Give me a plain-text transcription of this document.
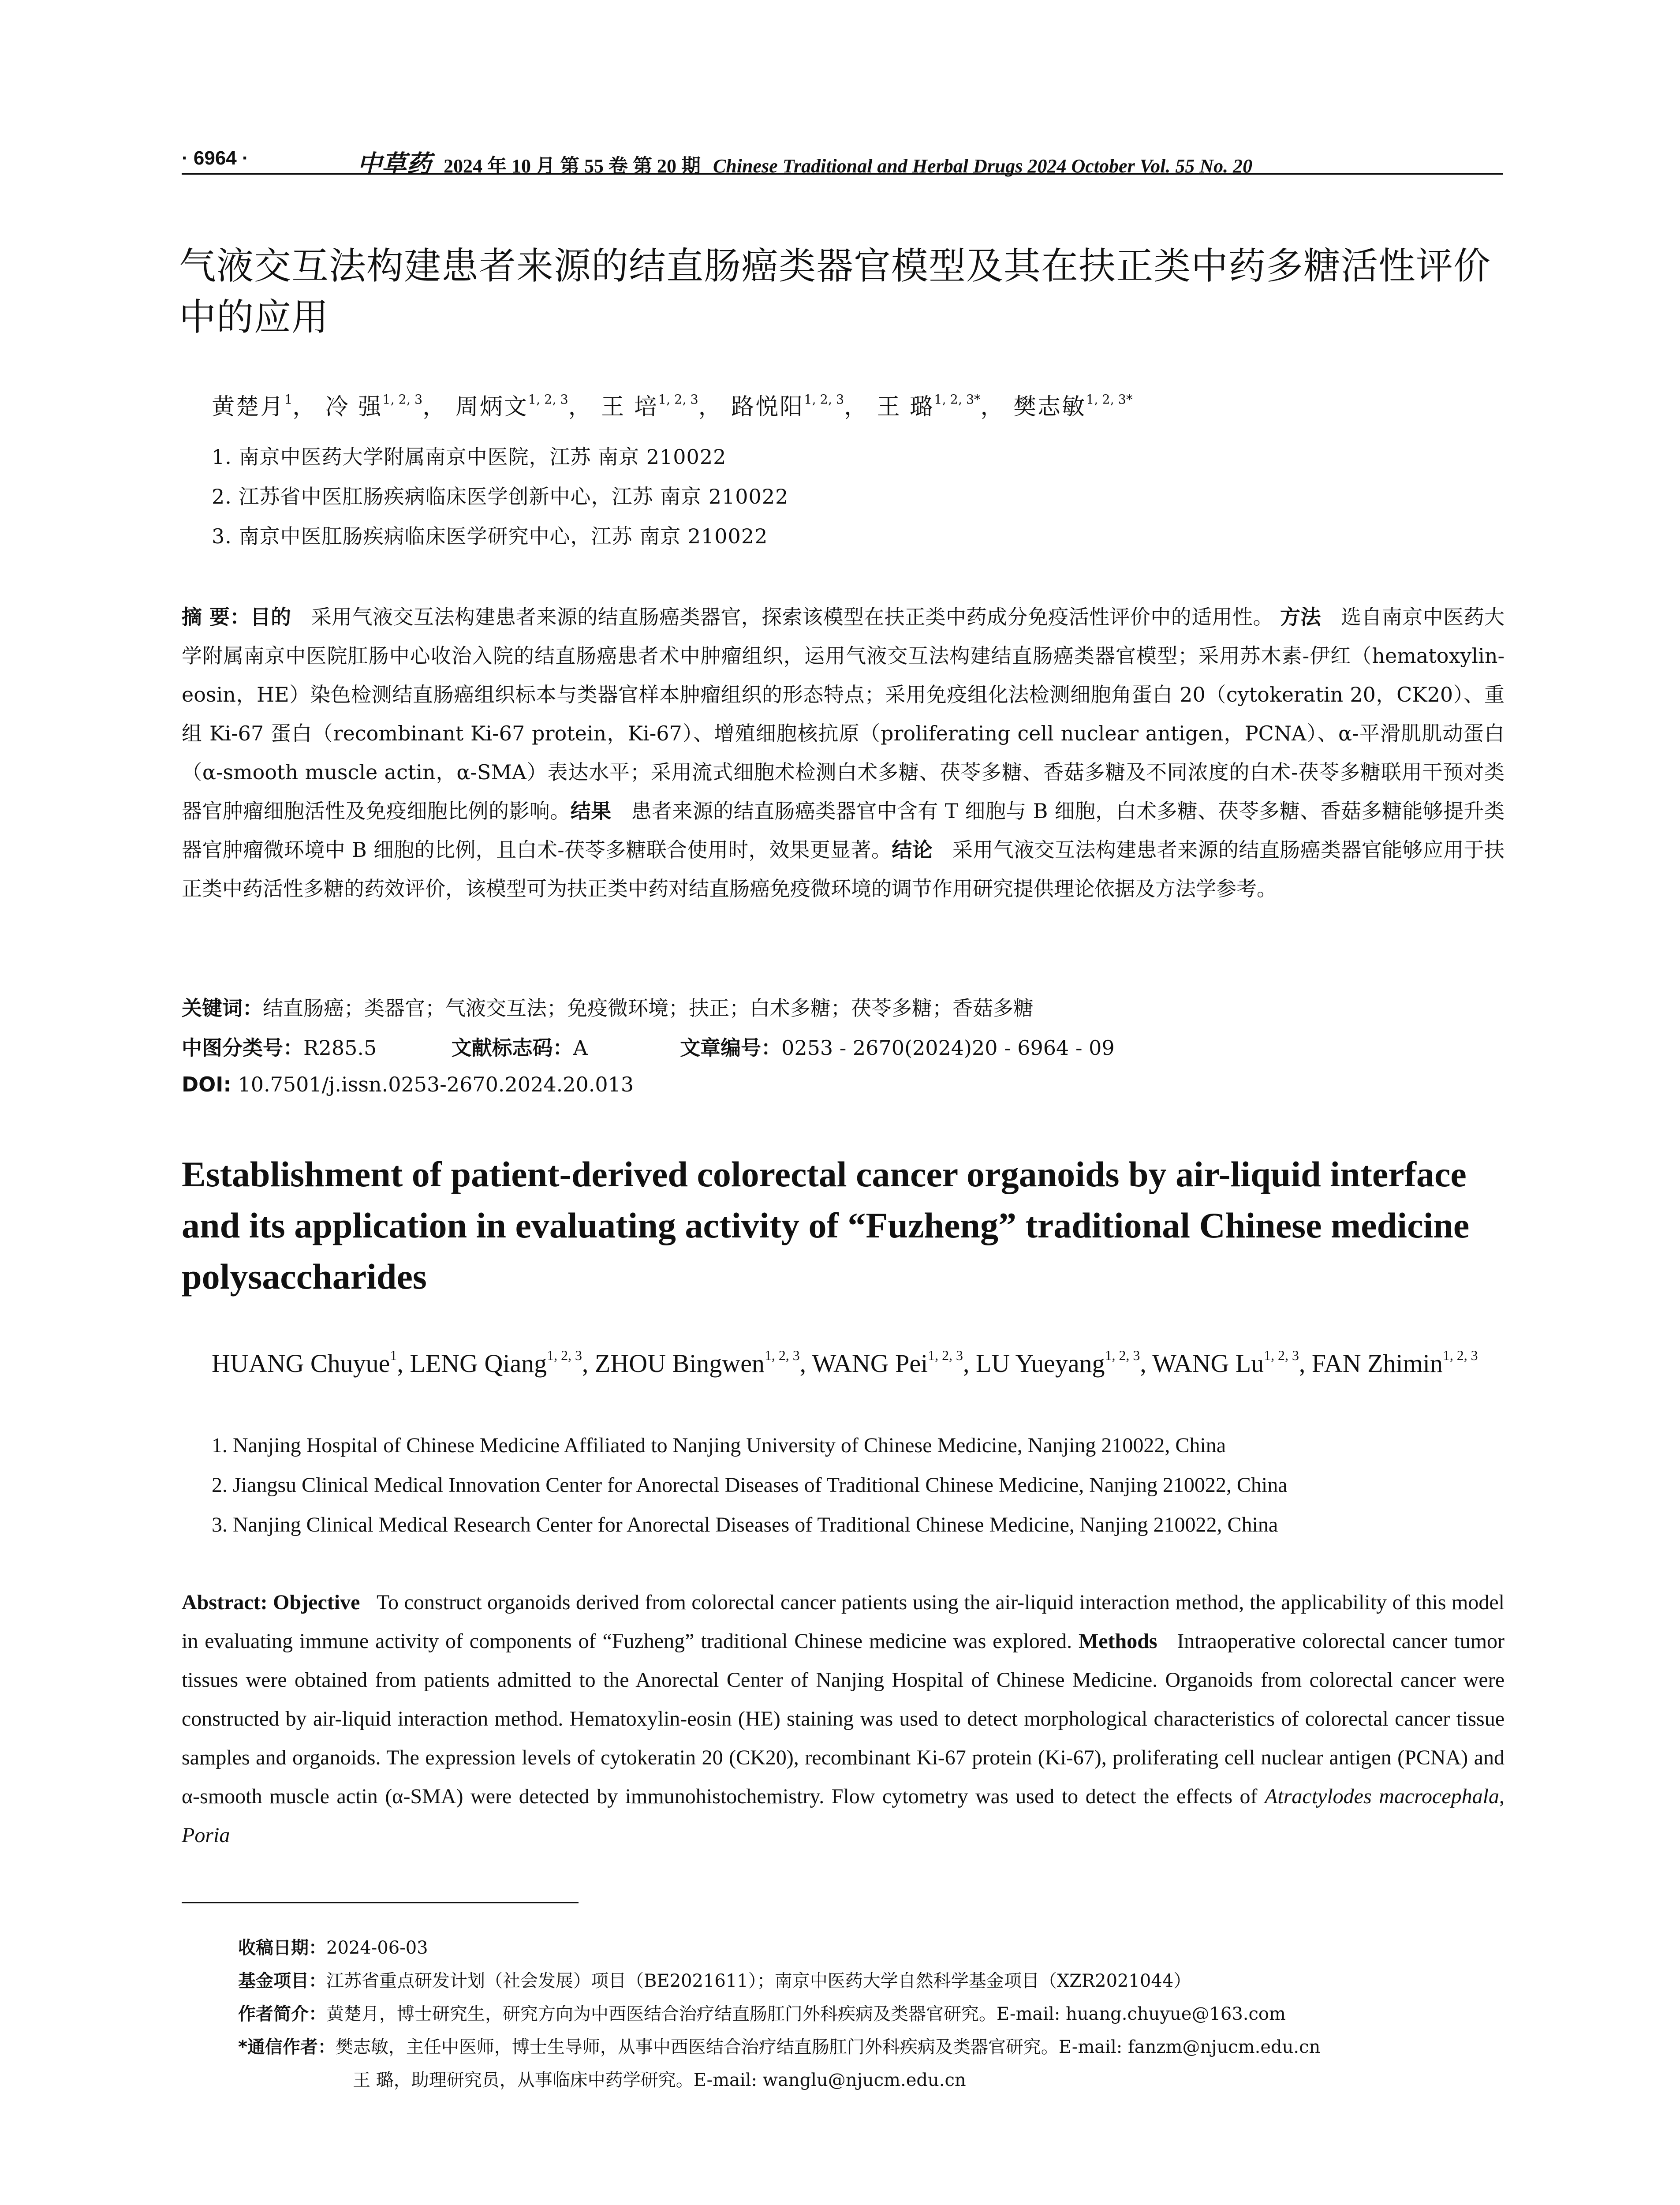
· 6964 ·	中草药 2024 年 10 月 第 55 卷 第 20 期 Chinese Traditional and Herbal Drugs 2024 October Vol. 55 No. 20
气液交互法构建患者来源的结直肠癌类器官模型及其在扶正类中药多糖活性评价中的应用
黄楚月$^1$， 冷 强$^{1, 2, 3}$， 周炳文$^{1, 2, 3}$， 王 培$^{1, 2, 3}$， 路悦阳$^{1, 2, 3}$， 王 璐$^{1, 2, 3*}$， 樊志敏$^{1, 2, 3*}$
1. 南京中医药大学附属南京中医院，江苏 南京 210022
2. 江苏省中医肛肠疾病临床医学创新中心，江苏 南京 210022
3. 南京中医肛肠疾病临床医学研究中心，江苏 南京 210022
摘 要：目的 采用气液交互法构建患者来源的结直肠癌类器官，探索该模型在扶正类中药成分免疫活性评价中的适用性。 方法 选自南京中医药大学附属南京中医院肛肠中心收治入院的结直肠癌患者术中肿瘤组织，运用气液交互法构建结直肠癌类器官模型；采用苏木素-伊红（hematoxylin-eosin，HE）染色检测结直肠癌组织标本与类器官样本肿瘤组织的形态特点；采用免疫组化法检测细胞角蛋白 20（cytokeratin 20，CK20）、重组 Ki-67 蛋白（recombinant Ki-67 protein，Ki-67）、增殖细胞核抗原（proliferating cell nuclear antigen，PCNA）、α-平滑肌肌动蛋白（α-smooth muscle actin，α-SMA）表达水平；采用流式细胞术检测白术多糖、茯苓多糖、香菇多糖及不同浓度的白术-茯苓多糖联用干预对类器官肿瘤细胞活性及免疫细胞比例的影响。结果 患者来源的结直肠癌类器官中含有 T 细胞与 B 细胞，白术多糖、茯苓多糖、香菇多糖能够提升类器官肿瘤微环境中 B 细胞的比例，且白术-茯苓多糖联合使用时，效果更显著。结论 采用气液交互法构建患者来源的结直肠癌类器官能够应用于扶正类中药活性多糖的药效评价，该模型可为扶正类中药对结直肠癌免疫微环境的调节作用研究提供理论依据及方法学参考。
关键词：结直肠癌；类器官；气液交互法；免疫微环境；扶正；白术多糖；茯苓多糖；香菇多糖
中图分类号：R285.5	文献标志码：A	文章编号：0253 - 2670(2024)20 - 6964 - 09
DOI: 10.7501/j.issn.0253-2670.2024.20.013
Establishment of patient-derived colorectal cancer organoids by air-liquid interface and its application in evaluating activity of “Fuzheng” traditional Chinese medicine polysaccharides
HUANG Chuyue$^1$, LENG Qiang$^{1, 2, 3}$, ZHOU Bingwen$^{1, 2, 3}$, WANG Pei$^{1, 2, 3}$, LU Yueyang$^{1, 2, 3}$, WANG Lu$^{1, 2, 3}$, FAN Zhimin$^{1, 2, 3}$
1. Nanjing Hospital of Chinese Medicine Affiliated to Nanjing University of Chinese Medicine, Nanjing 210022, China
2. Jiangsu Clinical Medical Innovation Center for Anorectal Diseases of Traditional Chinese Medicine, Nanjing 210022, China
3. Nanjing Clinical Medical Research Center for Anorectal Diseases of Traditional Chinese Medicine, Nanjing 210022, China
Abstract: Objective To construct organoids derived from colorectal cancer patients using the air-liquid interaction method, the applicability of this model in evaluating immune activity of components of “Fuzheng” traditional Chinese medicine was explored. Methods Intraoperative colorectal cancer tumor tissues were obtained from patients admitted to the Anorectal Center of Nanjing Hospital of Chinese Medicine. Organoids from colorectal cancer were constructed by air-liquid interaction method. Hematoxylin-eosin (HE) staining was used to detect morphological characteristics of colorectal cancer tissue samples and organoids. The expression levels of cytokeratin 20 (CK20), recombinant Ki-67 protein (Ki-67), proliferating cell nuclear antigen (PCNA) and α-smooth muscle actin (α-SMA) were detected by immunohistochemistry. Flow cytometry was used to detect the effects of Atractylodes macrocephala, Poria
收稿日期：2024-06-03
基金项目：江苏省重点研发计划（社会发展）项目（BE2021611）；南京中医药大学自然科学基金项目（XZR2021044）
作者简介：黄楚月，博士研究生，研究方向为中西医结合治疗结直肠肛门外科疾病及类器官研究。E-mail: huang.chuyue@163.com
*通信作者：樊志敏，主任中医师，博士生导师，从事中西医结合治疗结直肠肛门外科疾病及类器官研究。E-mail: fanzm@njucm.edu.cn
王 璐，助理研究员，从事临床中药学研究。E-mail: wanglu@njucm.edu.cn
